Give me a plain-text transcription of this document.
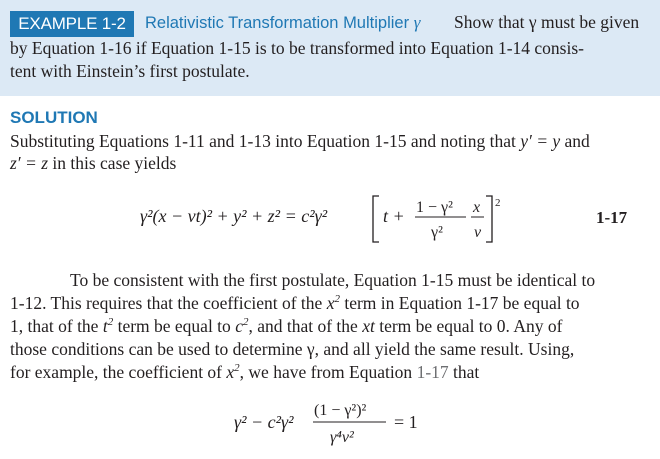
EXAMPLE 1-2	Relativistic Transformation Multiplier γ Show that γ must be given
by Equation 1-16 if Equation 1-15 is to be transformed into Equation 1-14 consis-
tent with Einstein’s first postulate.
SOLUTION
Substituting Equations 1-11 and 1-13 into Equation 1-15 and noting that y′ = y and
z′ = z in this case yields
γ²(x − vt)² + y² + z² = c²γ²	t + 1 − γ²
γ²
x
v
2
1-17
To be consistent with the first postulate, Equation 1-15 must be identical to
1-12. This requires that the coefficient of the $x^2$ term in Equation 1-17 be equal to
1, that of the $t^2$ term be equal to $c^2$, and that of the xt term be equal to 0. Any of
those conditions can be used to determine γ, and all yield the same result. Using,
for example, the coefficient of $x^2$, we have from Equation 1-17 that
γ² − c²γ²
(1 − γ²)²
γ⁴v²
= 1
